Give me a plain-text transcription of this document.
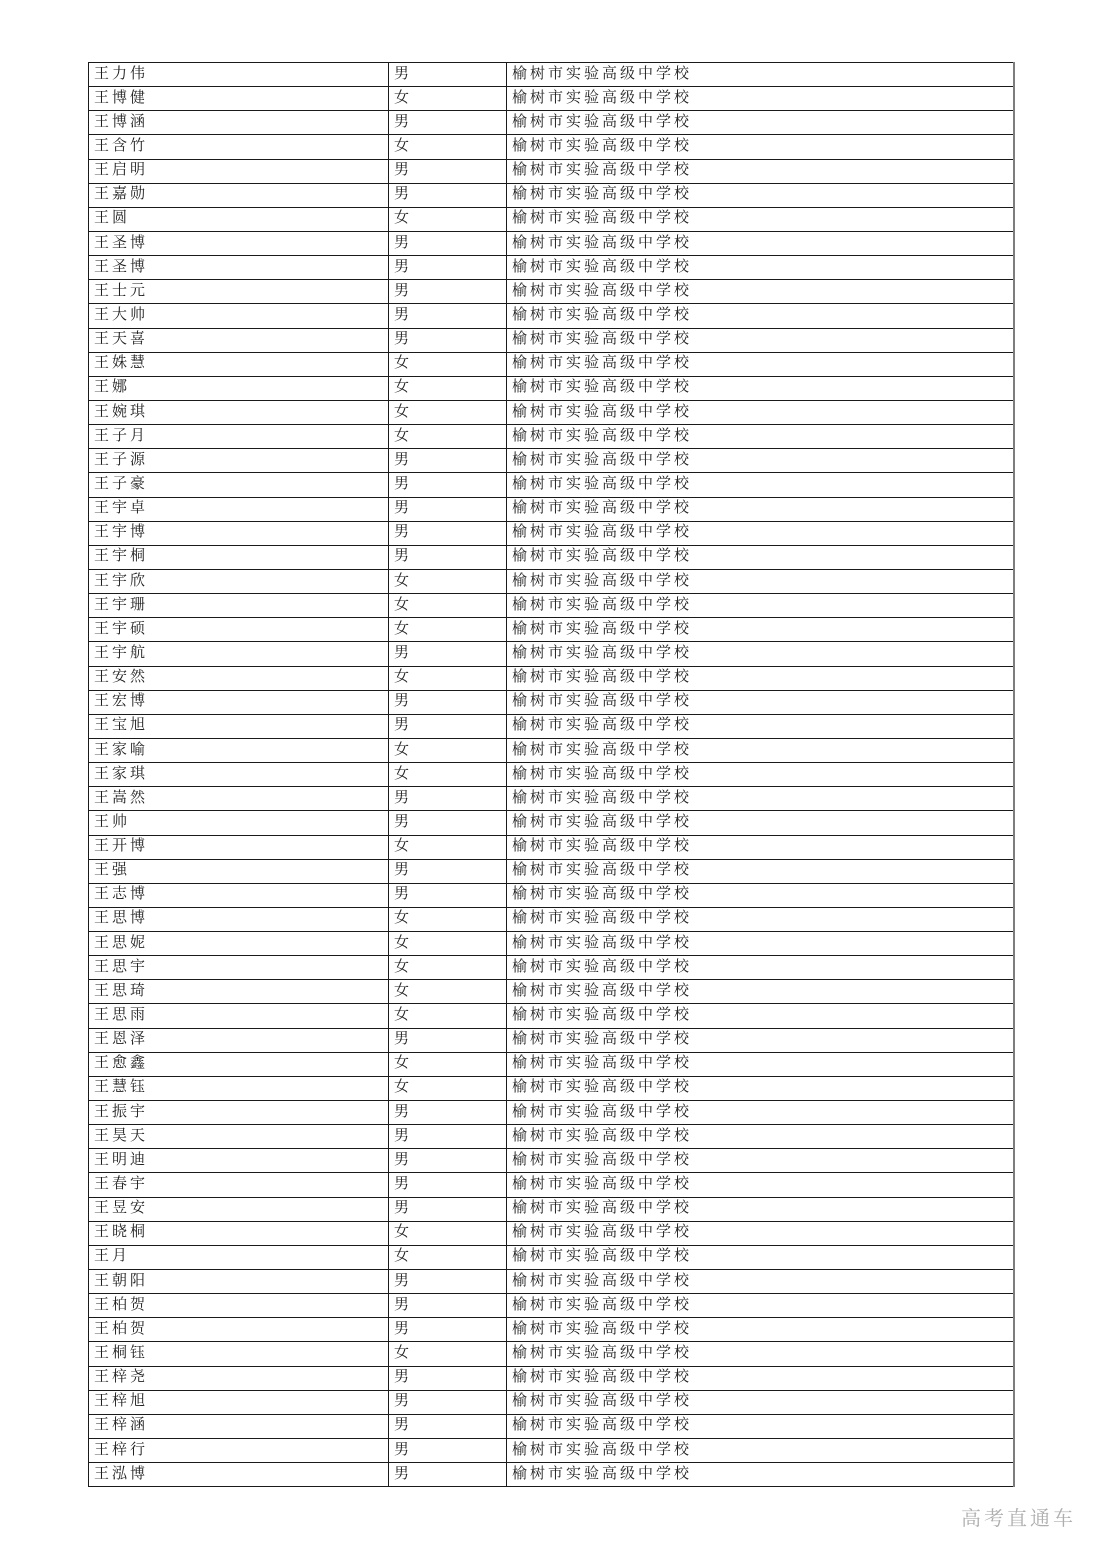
王力伟	男	榆树市实验高级中学校
王博健	女	榆树市实验高级中学校
王博涵	男	榆树市实验高级中学校
王含竹	女	榆树市实验高级中学校
王启明	男	榆树市实验高级中学校
王嘉勋	男	榆树市实验高级中学校
王圆	女	榆树市实验高级中学校
王圣博	男	榆树市实验高级中学校
王圣博	男	榆树市实验高级中学校
王士元	男	榆树市实验高级中学校
王大帅	男	榆树市实验高级中学校
王天喜	男	榆树市实验高级中学校
王姝慧	女	榆树市实验高级中学校
王娜	女	榆树市实验高级中学校
王婉琪	女	榆树市实验高级中学校
王子月	女	榆树市实验高级中学校
王子源	男	榆树市实验高级中学校
王子豪	男	榆树市实验高级中学校
王宇卓	男	榆树市实验高级中学校
王宇博	男	榆树市实验高级中学校
王宇桐	男	榆树市实验高级中学校
王宇欣	女	榆树市实验高级中学校
王宇珊	女	榆树市实验高级中学校
王宇硕	女	榆树市实验高级中学校
王宇航	男	榆树市实验高级中学校
王安然	女	榆树市实验高级中学校
王宏博	男	榆树市实验高级中学校
王宝旭	男	榆树市实验高级中学校
王家喻	女	榆树市实验高级中学校
王家琪	女	榆树市实验高级中学校
王嵩然	男	榆树市实验高级中学校
王帅	男	榆树市实验高级中学校
王开博	女	榆树市实验高级中学校
王强	男	榆树市实验高级中学校
王志博	男	榆树市实验高级中学校
王思博	女	榆树市实验高级中学校
王思妮	女	榆树市实验高级中学校
王思宇	女	榆树市实验高级中学校
王思琦	女	榆树市实验高级中学校
王思雨	女	榆树市实验高级中学校
王恩泽	男	榆树市实验高级中学校
王愈鑫	女	榆树市实验高级中学校
王慧钰	女	榆树市实验高级中学校
王振宇	男	榆树市实验高级中学校
王昊天	男	榆树市实验高级中学校
王明迪	男	榆树市实验高级中学校
王春宇	男	榆树市实验高级中学校
王昱安	男	榆树市实验高级中学校
王晓桐	女	榆树市实验高级中学校
王月	女	榆树市实验高级中学校
王朝阳	男	榆树市实验高级中学校
王柏贺	男	榆树市实验高级中学校
王柏贺	男	榆树市实验高级中学校
王桐钰	女	榆树市实验高级中学校
王梓尧	男	榆树市实验高级中学校
王梓旭	男	榆树市实验高级中学校
王梓涵	男	榆树市实验高级中学校
王梓行	男	榆树市实验高级中学校
王泓博	男	榆树市实验高级中学校
高考直通车
